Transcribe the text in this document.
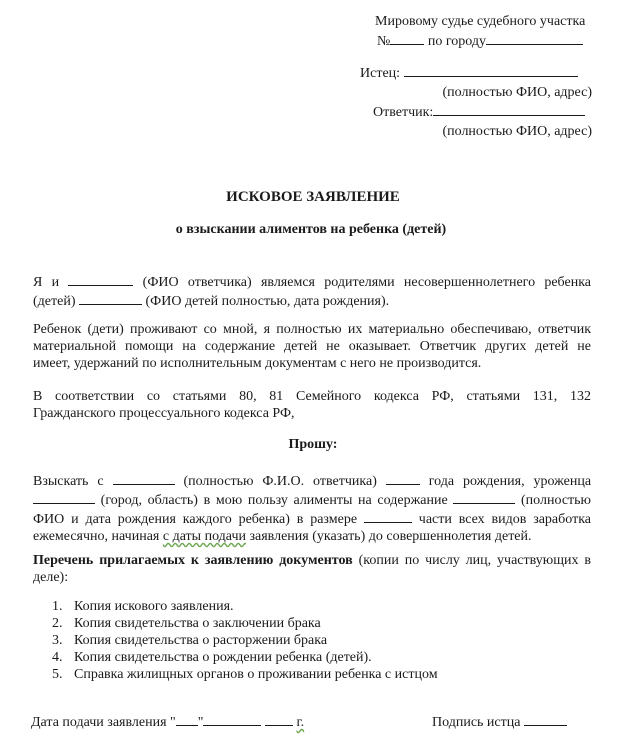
Мировому судье судебного участка
№	по городу
Истец:
(полностью ФИО, адрес)
Ответчик:
(полностью ФИО, адрес)
ИСКОВОЕ ЗАЯВЛЕНИЕ
о взыскании алиментов на ребенка (детей)
Я и	(ФИО ответчика) являемся родителями несовершеннолетнего ребенка
(детей)	(ФИО детей полностью, дата рождения).
Ребенок (дети) проживают со мной, я полностью их материально обеспечиваю, ответчик
материальной помощи на содержание детей не оказывает. Ответчик других детей не
имеет, удержаний по исполнительным документам с него не производится.
В соответствии со статьями 80, 81 Семейного кодекса РФ, статьями 131, 132
Гражданского процессуального кодекса РФ,
Прошу:
Взыскать с	(полностью Ф.И.О. ответчика)	года рождения, уроженца
(город, область) в мою пользу алименты на содержание	(полностью
ФИО и дата рождения каждого ребенка) в размере	части всех видов заработка
ежемесячно, начиная с даты подачи заявления (указать) до совершеннолетия детей.
Перечень прилагаемых к заявлению документов (копии по числу лиц, участвующих в
деле):
1. Копия искового заявления.
2. Копия свидетельства о заключении брака
3. Копия свидетельства о расторжении брака
4. Копия свидетельства о рождении ребенка (детей).
5. Справка жилищных органов о проживании ребенка с истцом
Дата подачи заявления " "	г.	Подпись истца
